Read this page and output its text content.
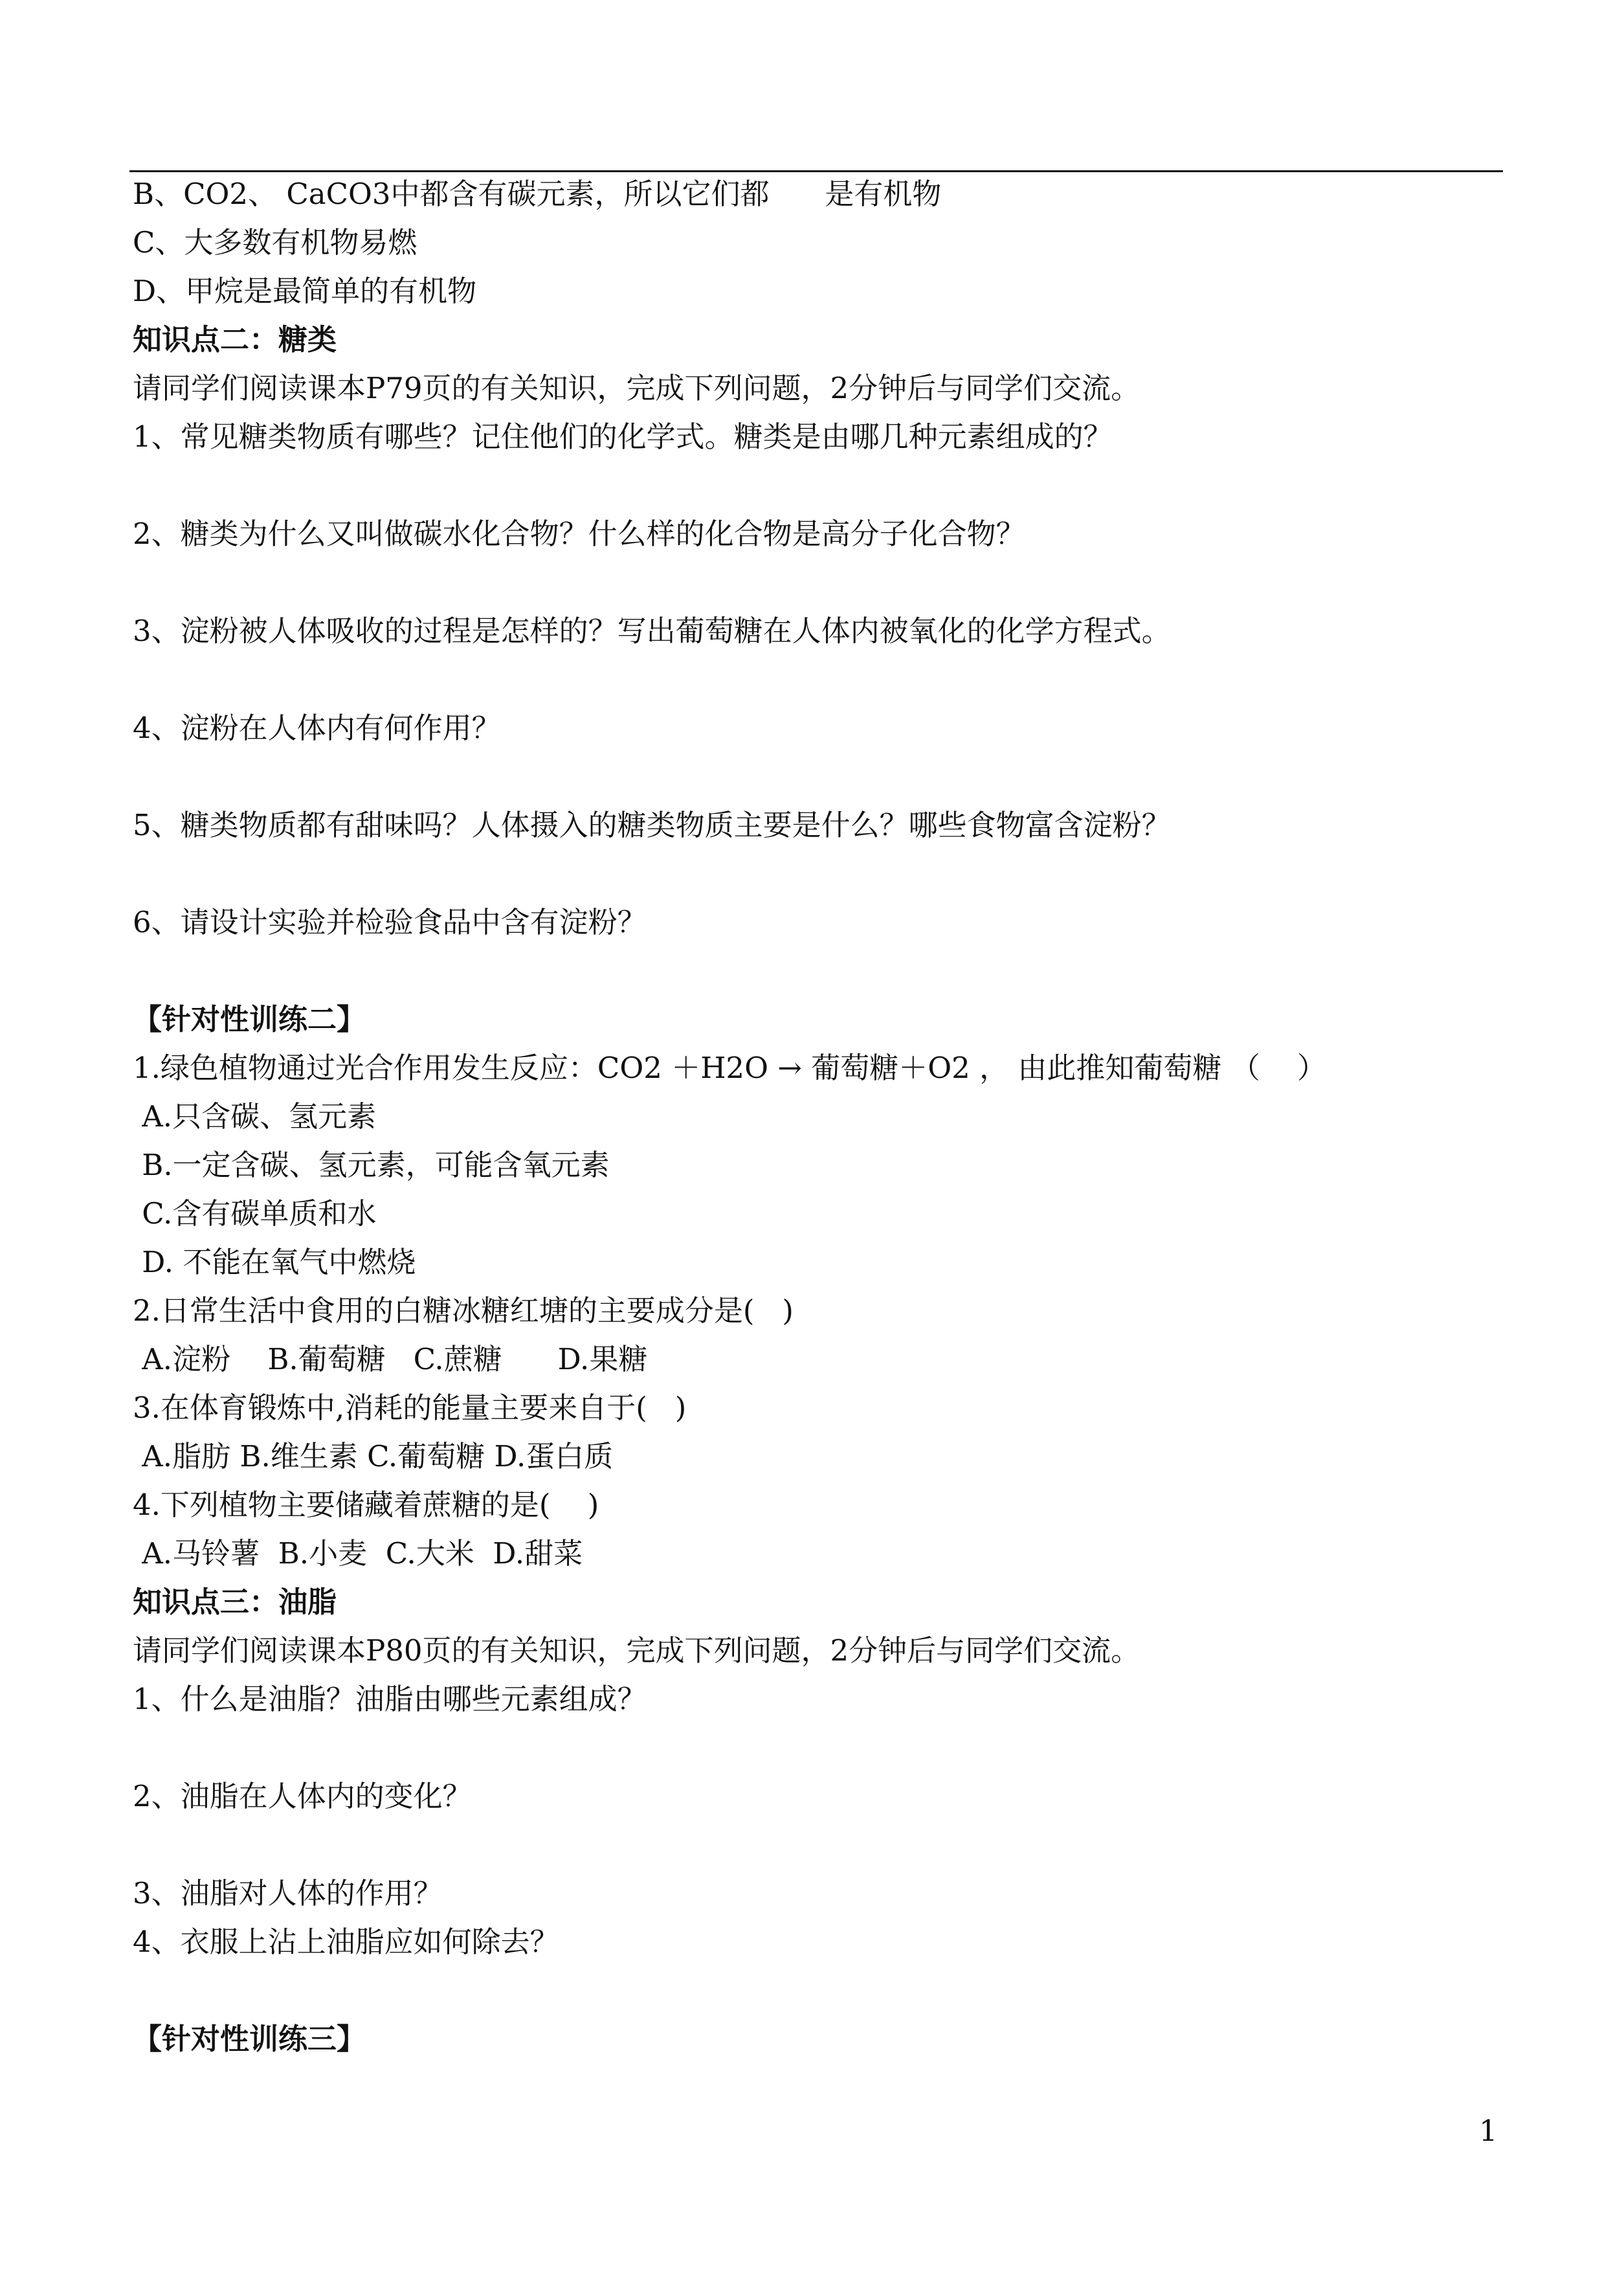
B、CO2、 CaCO3中都含有碳元素，所以它们都      是有机物
C、大多数有机物易燃
D、甲烷是最简单的有机物
知识点二：糖类
请同学们阅读课本P79页的有关知识，完成下列问题，2分钟后与同学们交流。
1、常见糖类物质有哪些？记住他们的化学式。糖类是由哪几种元素组成的？
2、糖类为什么又叫做碳水化合物？什么样的化合物是高分子化合物？
3、淀粉被人体吸收的过程是怎样的？写出葡萄糖在人体内被氧化的化学方程式。
4、淀粉在人体内有何作用？
5、糖类物质都有甜味吗？人体摄入的糖类物质主要是什么？哪些食物富含淀粉？
6、请设计实验并检验食品中含有淀粉？
【针对性训练二】
1.绿色植物通过光合作用发生反应：CO2 ＋H2O → 葡萄糖＋O2 ， 由此推知葡萄糖 （    ）
A.只含碳、氢元素
B.一定含碳、氢元素，可能含氧元素
C.含有碳单质和水
D. 不能在氧气中燃烧
2.日常生活中食用的白糖冰糖红塘的主要成分是(   )
A.淀粉    B.葡萄糖   C.蔗糖      D.果糖
3.在体育锻炼中,消耗的能量主要来自于(   )
A.脂肪 B.维生素 C.葡萄糖 D.蛋白质
4.下列植物主要储藏着蔗糖的是(    )
A.马铃薯  B.小麦  C.大米  D.甜菜
知识点三：油脂
请同学们阅读课本P80页的有关知识，完成下列问题，2分钟后与同学们交流。
1、什么是油脂？油脂由哪些元素组成？
2、油脂在人体内的变化？
3、油脂对人体的作用？
4、衣服上沾上油脂应如何除去？
【针对性训练三】
1
